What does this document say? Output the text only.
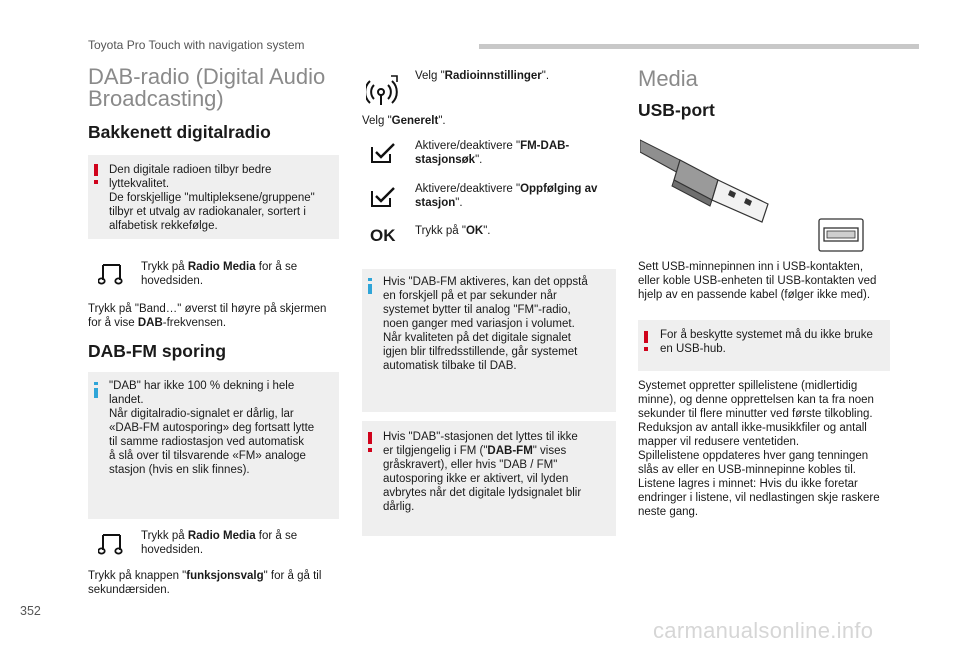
Toyota Pro Touch with navigation system
DAB-radio (Digital Audio
Broadcasting)
Bakkenett digitalradio
Den digitale radioen tilbyr bedre
lyttekvalitet.
De forskjellige "multipleksene/gruppene"
tilbyr et utvalg av radiokanaler, sortert i
alfabetisk rekkefølge.
Trykk på Radio Media for å se
hovedsiden.
Trykk på "Band…" øverst til høyre på skjermen
for å vise DAB-frekvensen.
DAB-FM sporing
"DAB" har ikke 100 % dekning i hele
landet.
Når digitalradio-signalet er dårlig, lar
«DAB-FM autosporing» deg fortsatt lytte
til samme radiostasjon ved automatisk
å slå over til tilsvarende «FM» analoge
stasjon (hvis en slik finnes).
Trykk på Radio Media for å se
hovedsiden.
Trykk på knappen "funksjonsvalg" for å gå til
sekundærsiden.
Velg "Radioinnstillinger".
Velg "Generelt".
Aktivere/deaktivere "FM-DAB-
stasjonsøk".
Aktivere/deaktivere "Oppfølging av
stasjon".
OK Trykk på "OK".
Hvis "DAB-FM aktiveres, kan det oppstå
en forskjell på et par sekunder når
systemet bytter til analog "FM"-radio,
noen ganger med variasjon i volumet.
Når kvaliteten på det digitale signalet
igjen blir tilfredsstillende, går systemet
automatisk tilbake til DAB.
Hvis "DAB"-stasjonen det lyttes til ikke
er tilgjengelig i FM ("DAB-FM" vises
gråskravert), eller hvis "DAB / FM"
autosporing ikke er aktivert, vil lyden
avbrytes når det digitale lydsignalet blir
dårlig.
Media
USB-port
Sett USB-minnepinnen inn i USB-kontakten,
eller koble USB-enheten til USB-kontakten ved
hjelp av en passende kabel (følger ikke med).
For å beskytte systemet må du ikke bruke
en USB-hub.
Systemet oppretter spillelistene (midlertidig
minne), og denne opprettelsen kan ta fra noen
sekunder til flere minutter ved første tilkobling.
Reduksjon av antall ikke-musikkfiler og antall
mapper vil redusere ventetiden.
Spillelistene oppdateres hver gang tenningen
slås av eller en USB-minnepinne kobles til.
Listene lagres i minnet: Hvis du ikke foretar
endringer i listene, vil nedlastingen skje raskere
neste gang.
352
carmanualsonline.info
